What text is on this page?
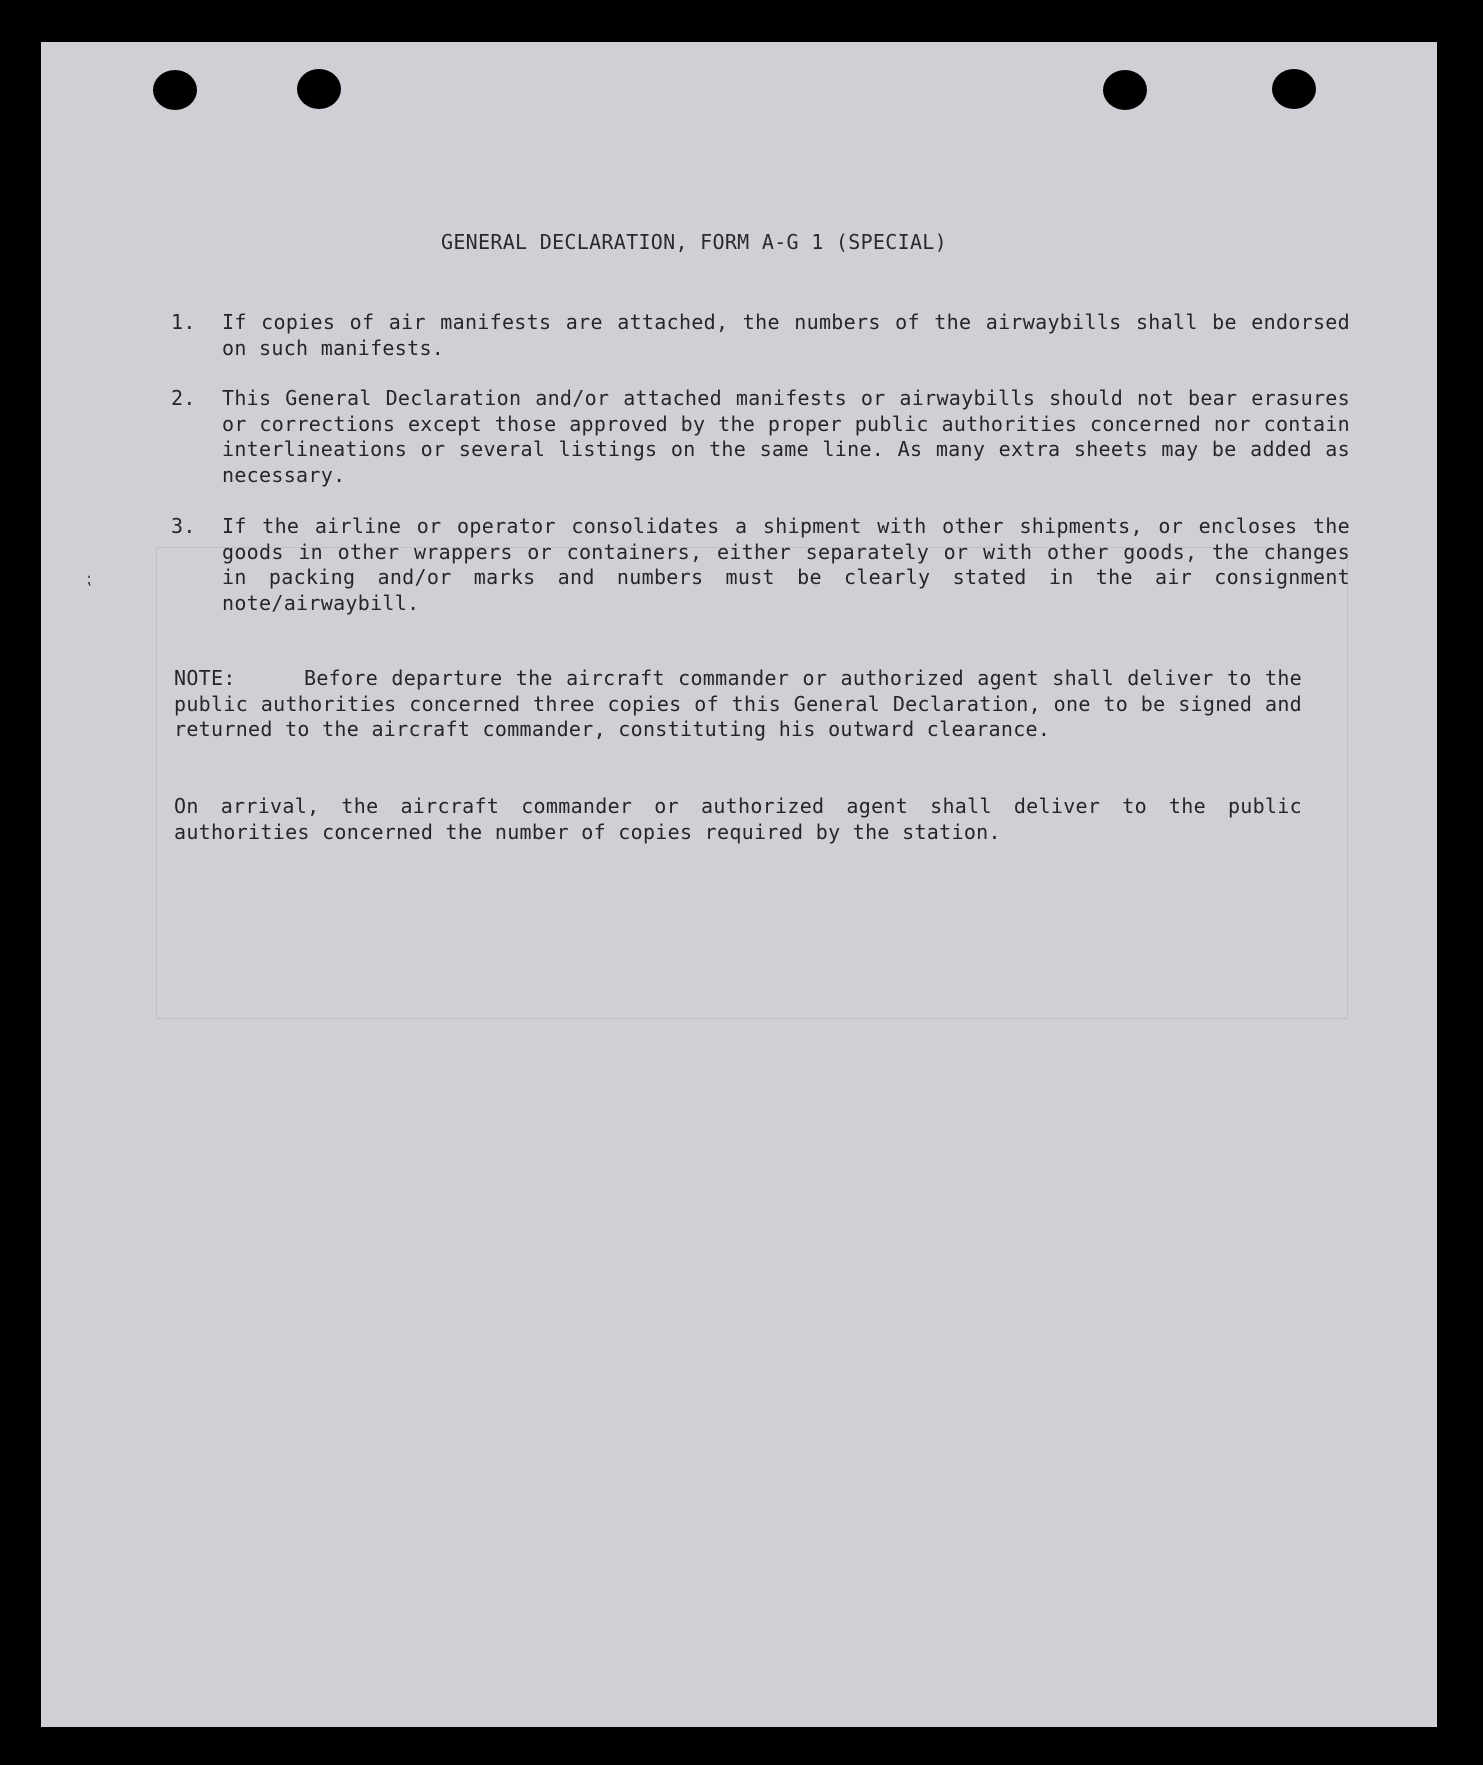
GENERAL DECLARATION, FORM A-G 1 (SPECIAL)
1. If copies of air manifests are attached, the numbers of the airwaybills shall be endorsed on such manifests.
2. This General Declaration and/or attached manifests or airwaybills should not bear erasures or corrections except those approved by the proper public authorities concerned nor contain interlineations or several listings on the same line. As many extra sheets may be added as necessary.
3. If the airline or operator consolidates a shipment with other shipments, or encloses the goods in other wrappers or containers, either separately or with other goods, the changes in packing and/or marks and numbers must be clearly stated in the air consignment note/airwaybill.
NOTE:	Before departure the aircraft commander or authorized agent shall deliver to the public authorities concerned three copies of this General Declaration, one to be signed and returned to the aircraft commander, constituting his outward clearance.
On arrival, the aircraft commander or authorized agent shall deliver to the public authorities concerned the number of copies required by the station.
⁏
